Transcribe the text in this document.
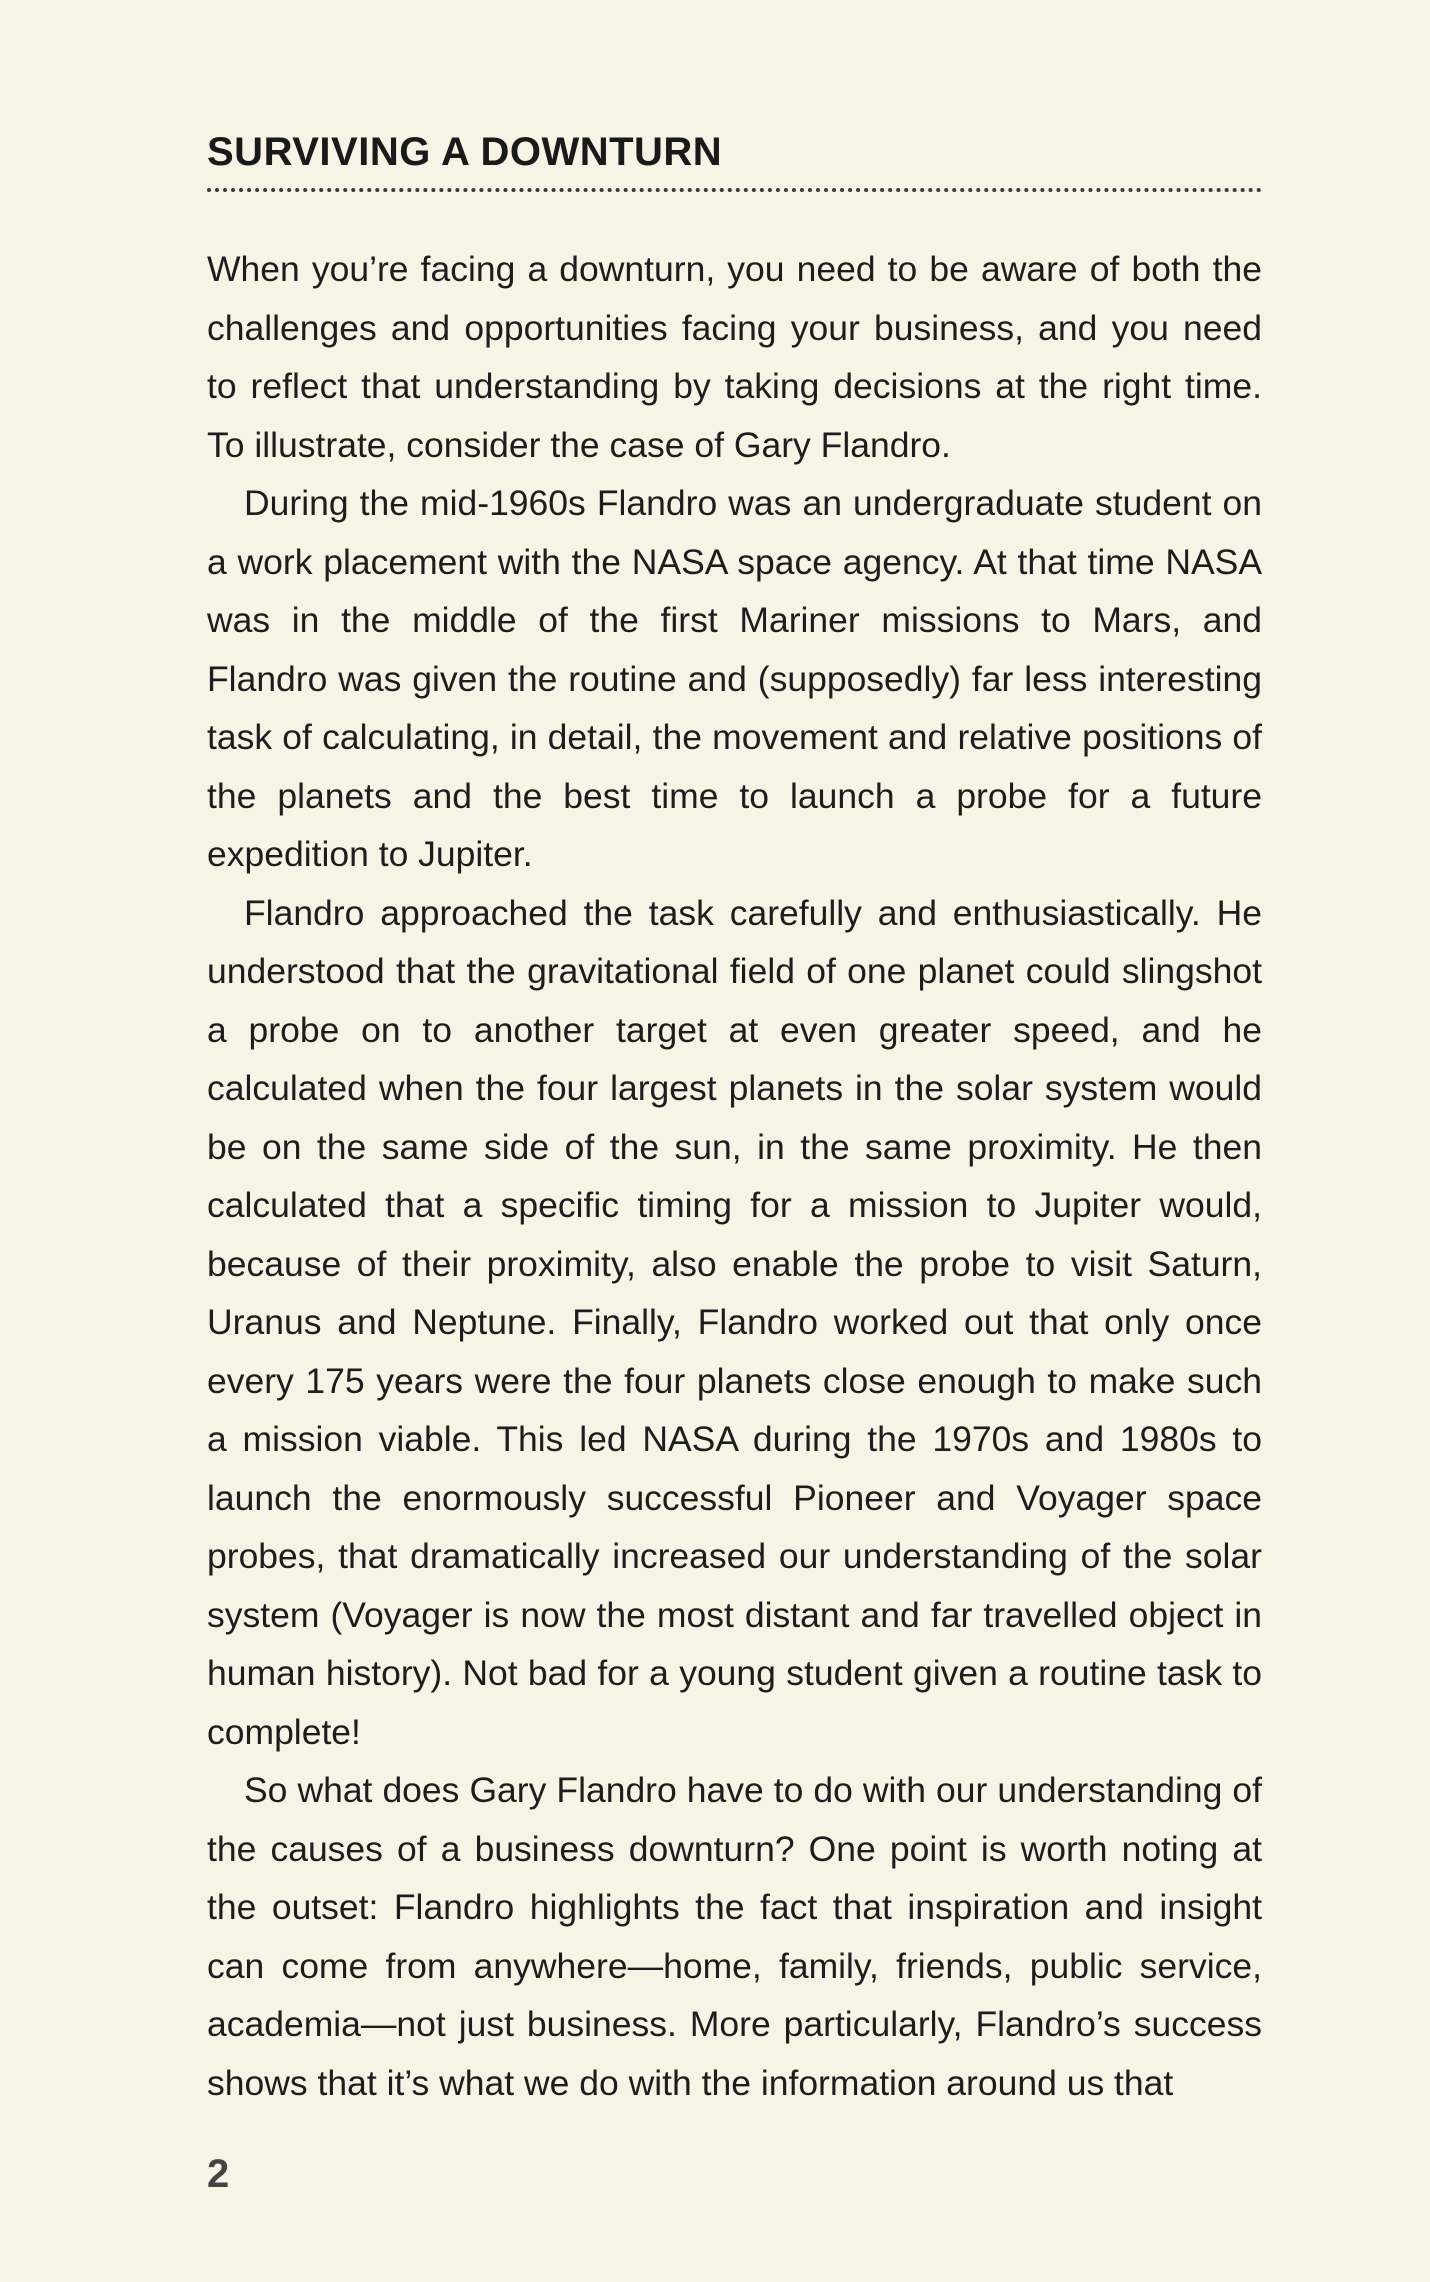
SURVIVING A DOWNTURN

When you’re facing a downturn, you need to be aware of both the challenges and opportunities facing your business, and you need to reflect that understanding by taking decisions at the right time. To illustrate, consider the case of Gary Flandro.

During the mid-1960s Flandro was an undergraduate student on a work placement with the NASA space agency. At that time NASA was in the middle of the first Mariner missions to Mars, and Flandro was given the routine and (supposedly) far less interesting task of calculating, in detail, the movement and relative positions of the planets and the best time to launch a probe for a future expedition to Jupiter.

Flandro approached the task carefully and enthusiastically. He understood that the gravitational field of one planet could slingshot a probe on to another target at even greater speed, and he calculated when the four largest planets in the solar system would be on the same side of the sun, in the same proximity. He then calculated that a specific timing for a mission to Jupiter would, because of their proximity, also enable the probe to visit Saturn, Uranus and Neptune. Finally, Flandro worked out that only once every 175 years were the four planets close enough to make such a mission viable. This led NASA during the 1970s and 1980s to launch the enormously successful Pioneer and Voyager space probes, that dramatically increased our understanding of the solar system (Voyager is now the most distant and far travelled object in human history). Not bad for a young student given a routine task to complete!

So what does Gary Flandro have to do with our understanding of the causes of a business downturn? One point is worth noting at the outset: Flandro highlights the fact that inspiration and insight can come from anywhere—home, family, friends, public service, academia—not just business. More particularly, Flandro’s success shows that it’s what we do with the information around us that

2
